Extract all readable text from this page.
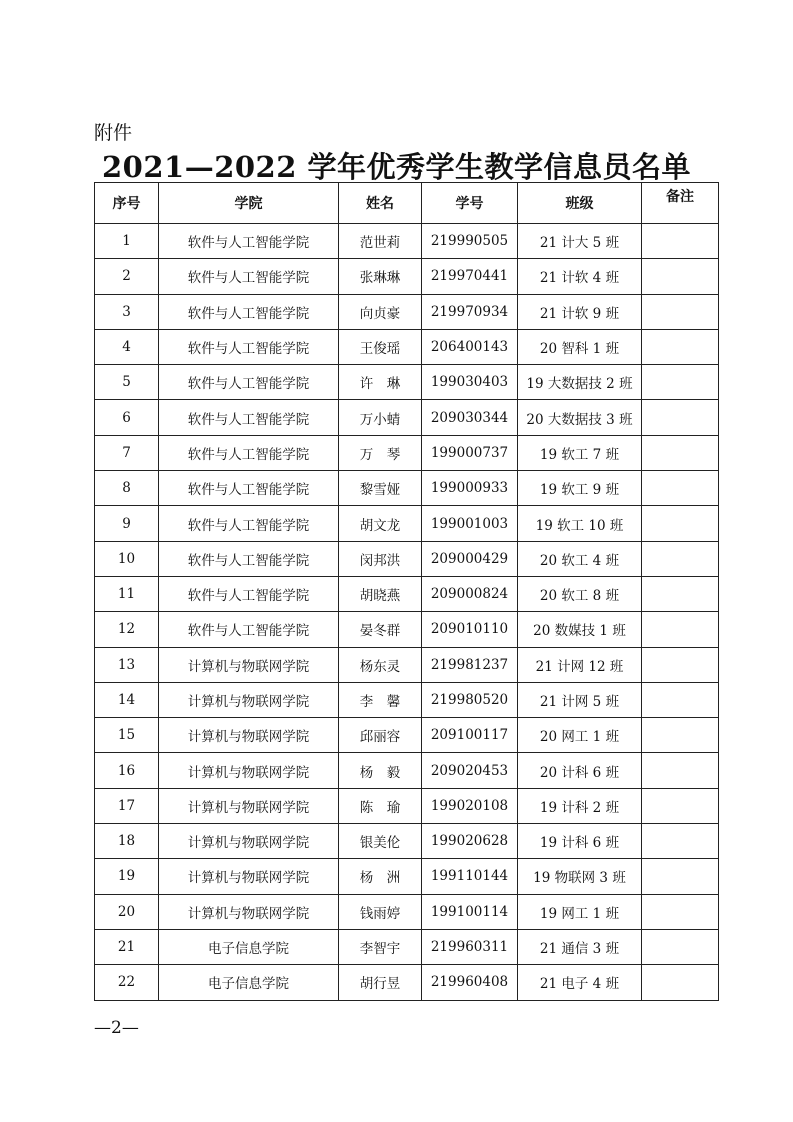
附件
2021—2022 学年优秀学生教学信息员名单
序号	学院	姓名	学号	班级	备注
1	软件与人工智能学院	范世莉	219990505	21 计大 5 班	
2	软件与人工智能学院	张琳琳	219970441	21 计软 4 班	
3	软件与人工智能学院	向贞豪	219970934	21 计软 9 班	
4	软件与人工智能学院	王俊瑶	206400143	20 智科 1 班	
5	软件与人工智能学院	许　琳	199030403	19 大数据技 2 班	
6	软件与人工智能学院	万小蜻	209030344	20 大数据技 3 班	
7	软件与人工智能学院	万　琴	199000737	19 软工 7 班	
8	软件与人工智能学院	黎雪娅	199000933	19 软工 9 班	
9	软件与人工智能学院	胡文龙	199001003	19 软工 10 班	
10	软件与人工智能学院	闵邦洪	209000429	20 软工 4 班	
11	软件与人工智能学院	胡晓燕	209000824	20 软工 8 班	
12	软件与人工智能学院	晏冬群	209010110	20 数媒技 1 班	
13	计算机与物联网学院	杨东灵	219981237	21 计网 12 班	
14	计算机与物联网学院	李　馨	219980520	21 计网 5 班	
15	计算机与物联网学院	邱丽容	209100117	20 网工 1 班	
16	计算机与物联网学院	杨　毅	209020453	20 计科 6 班	
17	计算机与物联网学院	陈　瑜	199020108	19 计科 2 班	
18	计算机与物联网学院	银美伦	199020628	19 计科 6 班	
19	计算机与物联网学院	杨　洲	199110144	19 物联网 3 班	
20	计算机与物联网学院	钱雨婷	199100114	19 网工 1 班	
21	电子信息学院	李智宇	219960311	21 通信 3 班	
22	电子信息学院	胡行昱	219960408	21 电子 4 班	
—2—
